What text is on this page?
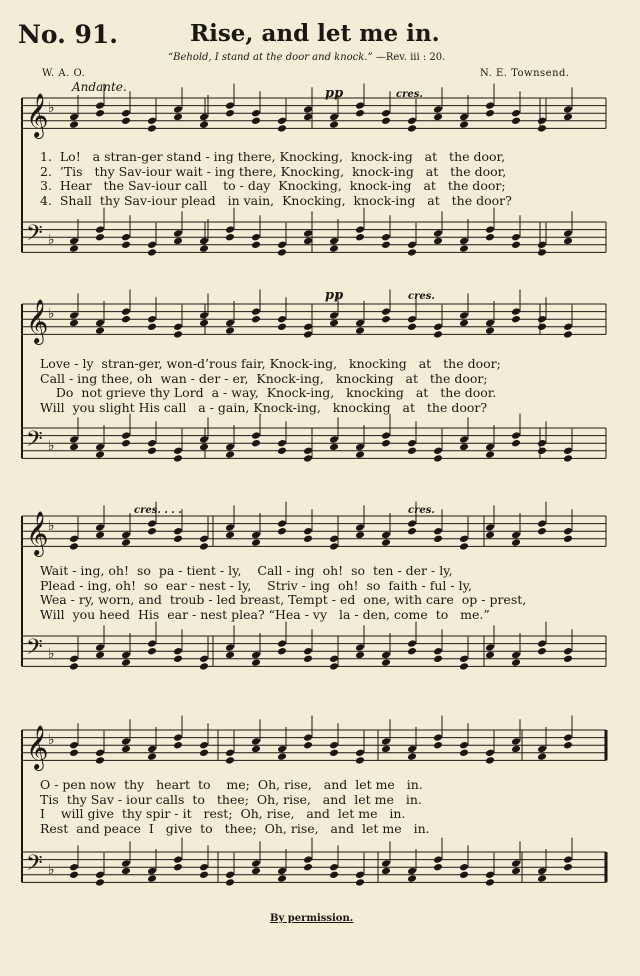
No. 91.	Rise, and let me in.
“Behold, I stand at the door and knock.” —Rev. iii : 20.
W. A. O.	N. E. Townsend.
Andante.	pp	cres.
pp	cres.
cres. . . .	cres.
𝄞 ♭
𝄢 ♭
𝄞 ♭
𝄢 ♭
𝄞 ♭
𝄢 ♭
𝄞 ♭
𝄢 ♭
1.  Lo!   a stran-ger stand - ing there, Knocking,  knock-ing   at   the door,
2.  ’Tis   thy Sav-iour wait - ing there, Knocking,  knock-ing   at   the door,
3.  Hear   the Sav-iour call    to - day  Knocking,  knock-ing   at   the door;
4.  Shall  thy Sav-iour plead   in vain,  Knocking,  knock-ing   at   the door?
Love - ly  stran-ger, won-d’rous fair, Knock-ing,   knocking   at   the door;
Call - ing thee, oh  wan - der - er,  Knock-ing,   knocking   at   the door;
Do  not grieve thy Lord  a - way,  Knock-ing,   knocking   at   the door.
Will  you slight His call   a - gain, Knock-ing,   knocking   at   the door?
Wait - ing, oh!  so  pa - tient - ly,    Call - ing  oh!  so  ten - der - ly,
Plead - ing, oh!  so  ear - nest - ly,    Striv - ing  oh!  so  faith - ful - ly,
Wea - ry, worn, and  troub - led breast, Tempt - ed  one, with care  op - prest,
Will  you heed  His  ear - nest plea? “Hea - vy   la - den, come  to   me.”
O - pen now  thy   heart  to    me;  Oh, rise,   and  let me   in.
Tis  thy Sav - iour calls  to   thee;  Oh, rise,   and  let me   in.
I    will give  thy spir - it   rest;  Oh, rise,   and  let me   in.
Rest  and peace  I   give  to   thee;  Oh, rise,   and  let me   in.
By permission.
